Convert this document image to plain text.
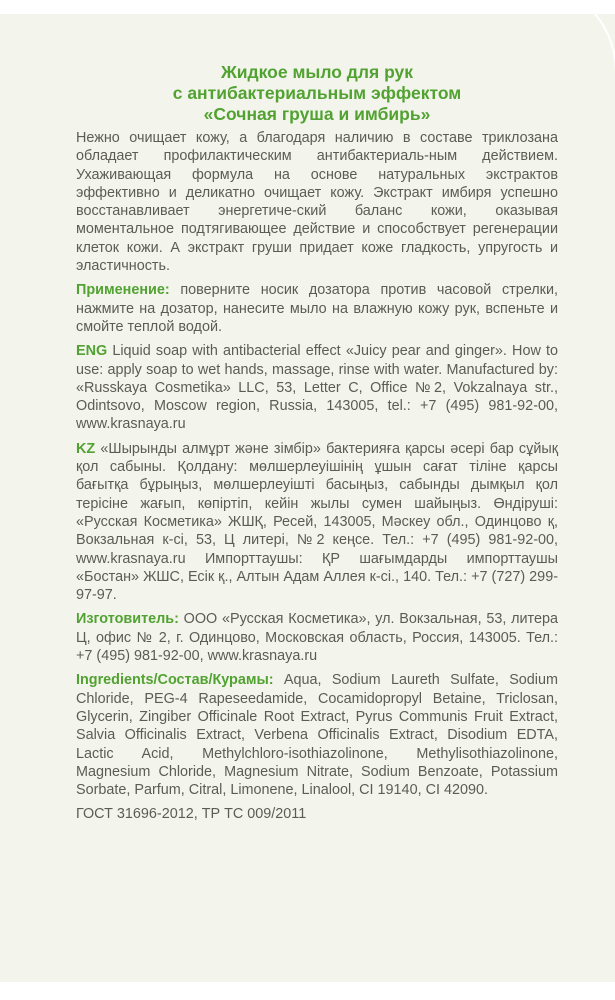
Жидкое мыло для рук
с антибактериальным эффектом
«Сочная груша и имбирь»

Нежно очищает кожу, а благодаря наличию в составе триклозана обладает профилактическим антибактериаль-ным действием. Ухаживающая формула на основе натуральных экстрактов эффективно и деликатно очищает кожу. Экстракт имбиря успешно восстанавливает энергетиче-ский баланс кожи, оказывая моментальное подтягивающее действие и способствует регенерации клеток кожи. А экстракт груши придает коже гладкость, упругость и эластичность.

Применение: поверните носик дозатора против часовой стрелки, нажмите на дозатор, нанесите мыло на влажную кожу рук, вспеньте и смойте теплой водой.

ENG Liquid soap with antibacterial effect «Juicy pear and ginger». How to use: apply soap to wet hands, massage, rinse with water. Manufactured by: «Russkaya Cosmetika» LLC, 53, Letter C, Office №2, Vokzalnaya str., Odintsovo, Moscow region, Russia, 143005, tel.: +7 (495) 981-92-00, www.krasnaya.ru

KZ «Шырынды алмұрт және зімбір» бактерияға қарсы әсері бар сұйық қол сабыны. Қолдану: мөлшерлеуішінің ұшын сағат тіліне қарсы бағытқа бұрыңыз, мөлшерлеуішті басыңыз, сабынды дымқыл қол терісіне жағып, көпіртіп, кейін жылы сумен шайыңыз. Өндіруші: «Русская Косметика» ЖШҚ, Ресей, 143005, Мәскеу обл., Одинцово қ, Вокзальная к-сі, 53, Ц литері, №2 кеңсе. Тел.: +7 (495) 981-92-00, www.krasnaya.ru Импорттаушы: ҚР шағымдарды импорттаушы «Бостан» ЖШС, Есік қ., Алтын Адам Аллея к-сі., 140. Тел.: +7 (727) 299-97-97.

Изготовитель: ООО «Русская Косметика», ул. Вокзальная, 53, литера Ц, офис № 2, г. Одинцово, Московская область, Россия, 143005. Тел.: +7 (495) 981-92-00, www.krasnaya.ru

Ingredients/Состав/Курамы: Aqua, Sodium Laureth Sulfate, Sodium Chloride, PEG-4 Rapeseedamide, Cocamidopropyl Betaine, Triclosan, Glycerin, Zingiber Officinale Root Extract, Pyrus Communis Fruit Extract, Salvia Officinalis Extract, Verbena Officinalis Extract, Disodium EDTA, Lactic Acid, Methylchloro-isothiazolinone, Methylisothiazolinone, Magnesium Chloride, Magnesium Nitrate, Sodium Benzoate, Potassium Sorbate, Parfum, Citral, Limonene, Linalool, CI 19140, CI 42090.

ГОСТ 31696-2012, ТР ТС 009/2011
